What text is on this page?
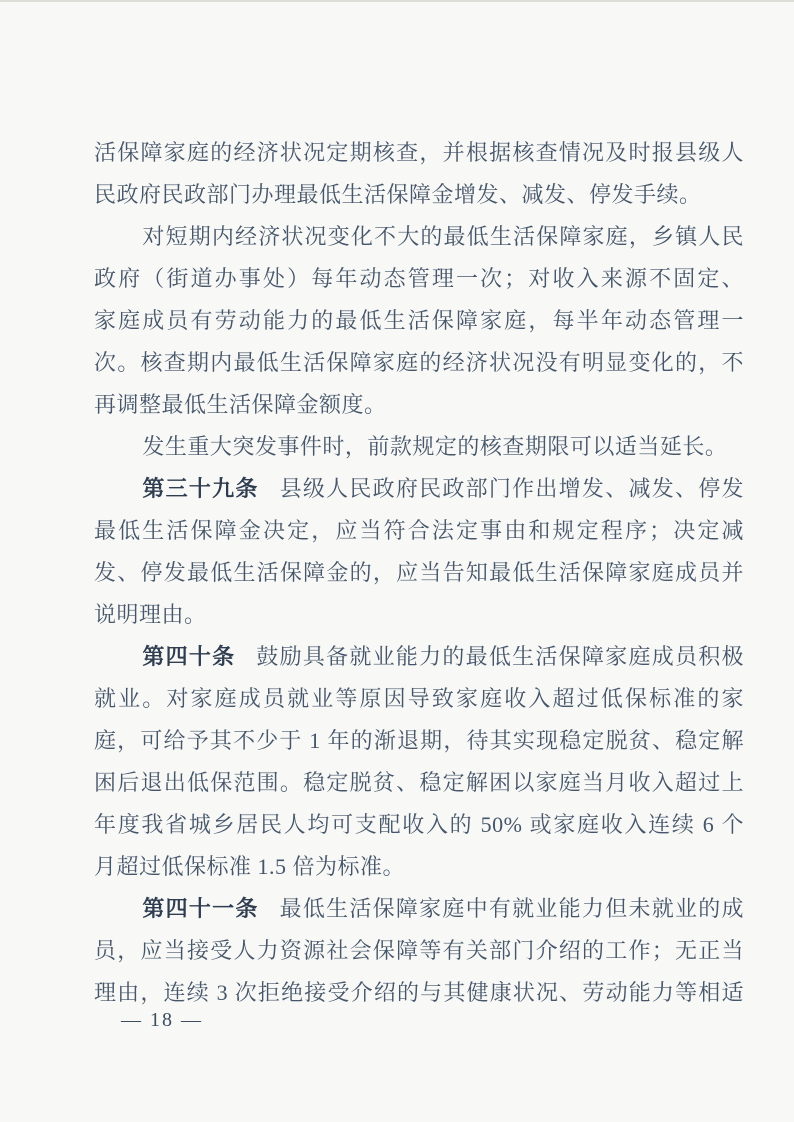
活保障家庭的经济状况定期核查，并根据核查情况及时报县级人

民政府民政部门办理最低生活保障金增发、减发、停发手续。

对短期内经济状况变化不大的最低生活保障家庭，乡镇人民

政府（街道办事处）每年动态管理一次；对收入来源不固定、

家庭成员有劳动能力的最低生活保障家庭，每半年动态管理一

次。核查期内最低生活保障家庭的经济状况没有明显变化的，不

再调整最低生活保障金额度。

发生重大突发事件时，前款规定的核查期限可以适当延长。

第三十九条 县级人民政府民政部门作出增发、减发、停发

最低生活保障金决定，应当符合法定事由和规定程序；决定减

发、停发最低生活保障金的，应当告知最低生活保障家庭成员并

说明理由。

第四十条 鼓励具备就业能力的最低生活保障家庭成员积极

就业。对家庭成员就业等原因导致家庭收入超过低保标准的家

庭，可给予其不少于 1 年的渐退期，待其实现稳定脱贫、稳定解

困后退出低保范围。稳定脱贫、稳定解困以家庭当月收入超过上

年度我省城乡居民人均可支配收入的 50% 或家庭收入连续 6 个

月超过低保标准 1.5 倍为标准。

第四十一条 最低生活保障家庭中有就业能力但未就业的成

员，应当接受人力资源社会保障等有关部门介绍的工作；无正当

理由，连续 3 次拒绝接受介绍的与其健康状况、劳动能力等相适

— 18 —
